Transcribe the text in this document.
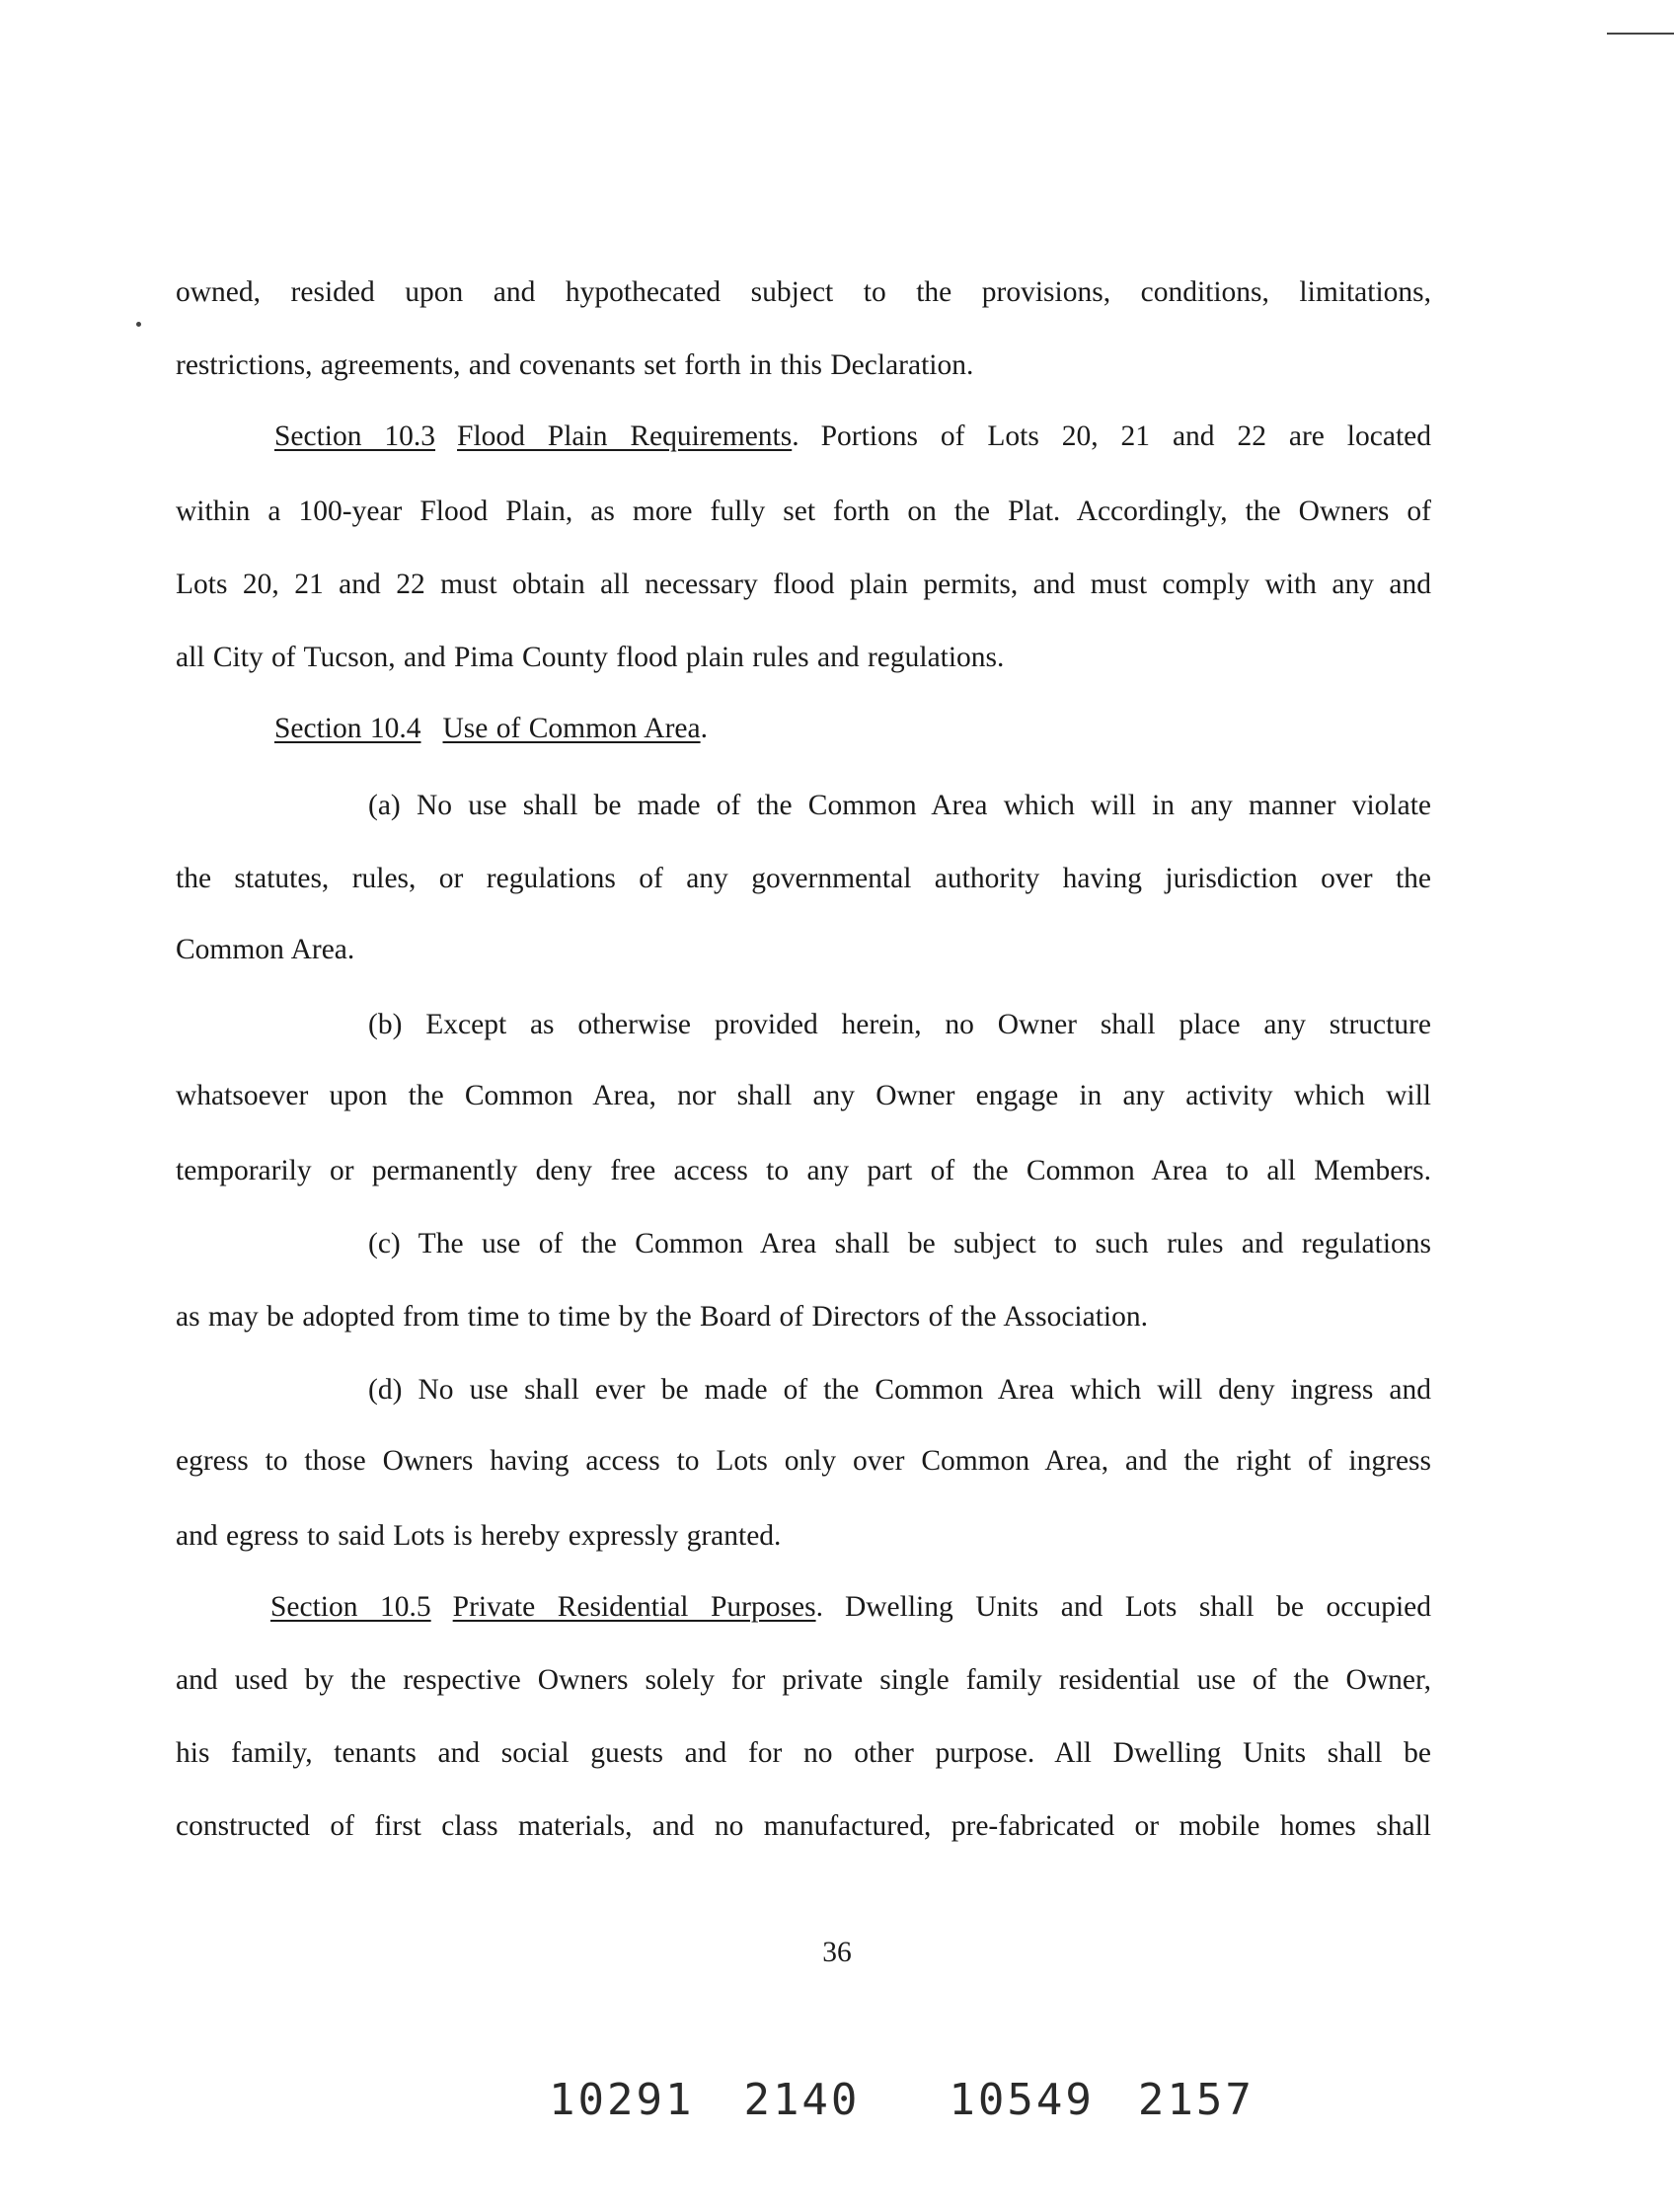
owned, resided upon and hypothecated subject to the provisions, conditions, limitations,
restrictions, agreements, and covenants set forth in this Declaration.
Section 10.3 Flood Plain Requirements. Portions of Lots 20, 21 and 22 are located
within a 100-year Flood Plain, as more fully set forth on the Plat. Accordingly, the Owners of
Lots 20, 21 and 22 must obtain all necessary flood plain permits, and must comply with any and
all City of Tucson, and Pima County flood plain rules and regulations.
Section 10.4 Use of Common Area.
(a) No use shall be made of the Common Area which will in any manner violate
the statutes, rules, or regulations of any governmental authority having jurisdiction over the
Common Area.
(b) Except as otherwise provided herein, no Owner shall place any structure
whatsoever upon the Common Area, nor shall any Owner engage in any activity which will
temporarily or permanently deny free access to any part of the Common Area to all Members.
(c) The use of the Common Area shall be subject to such rules and regulations
as may be adopted from time to time by the Board of Directors of the Association.
(d) No use shall ever be made of the Common Area which will deny ingress and
egress to those Owners having access to Lots only over Common Area, and the right of ingress
and egress to said Lots is hereby expressly granted.
Section 10.5 Private Residential Purposes. Dwelling Units and Lots shall be occupied
and used by the respective Owners solely for private single family residential use of the Owner,
his family, tenants and social guests and for no other purpose. All Dwelling Units shall be
constructed of first class materials, and no manufactured, pre-fabricated or mobile homes shall
36
10291 2140 10549 2157
